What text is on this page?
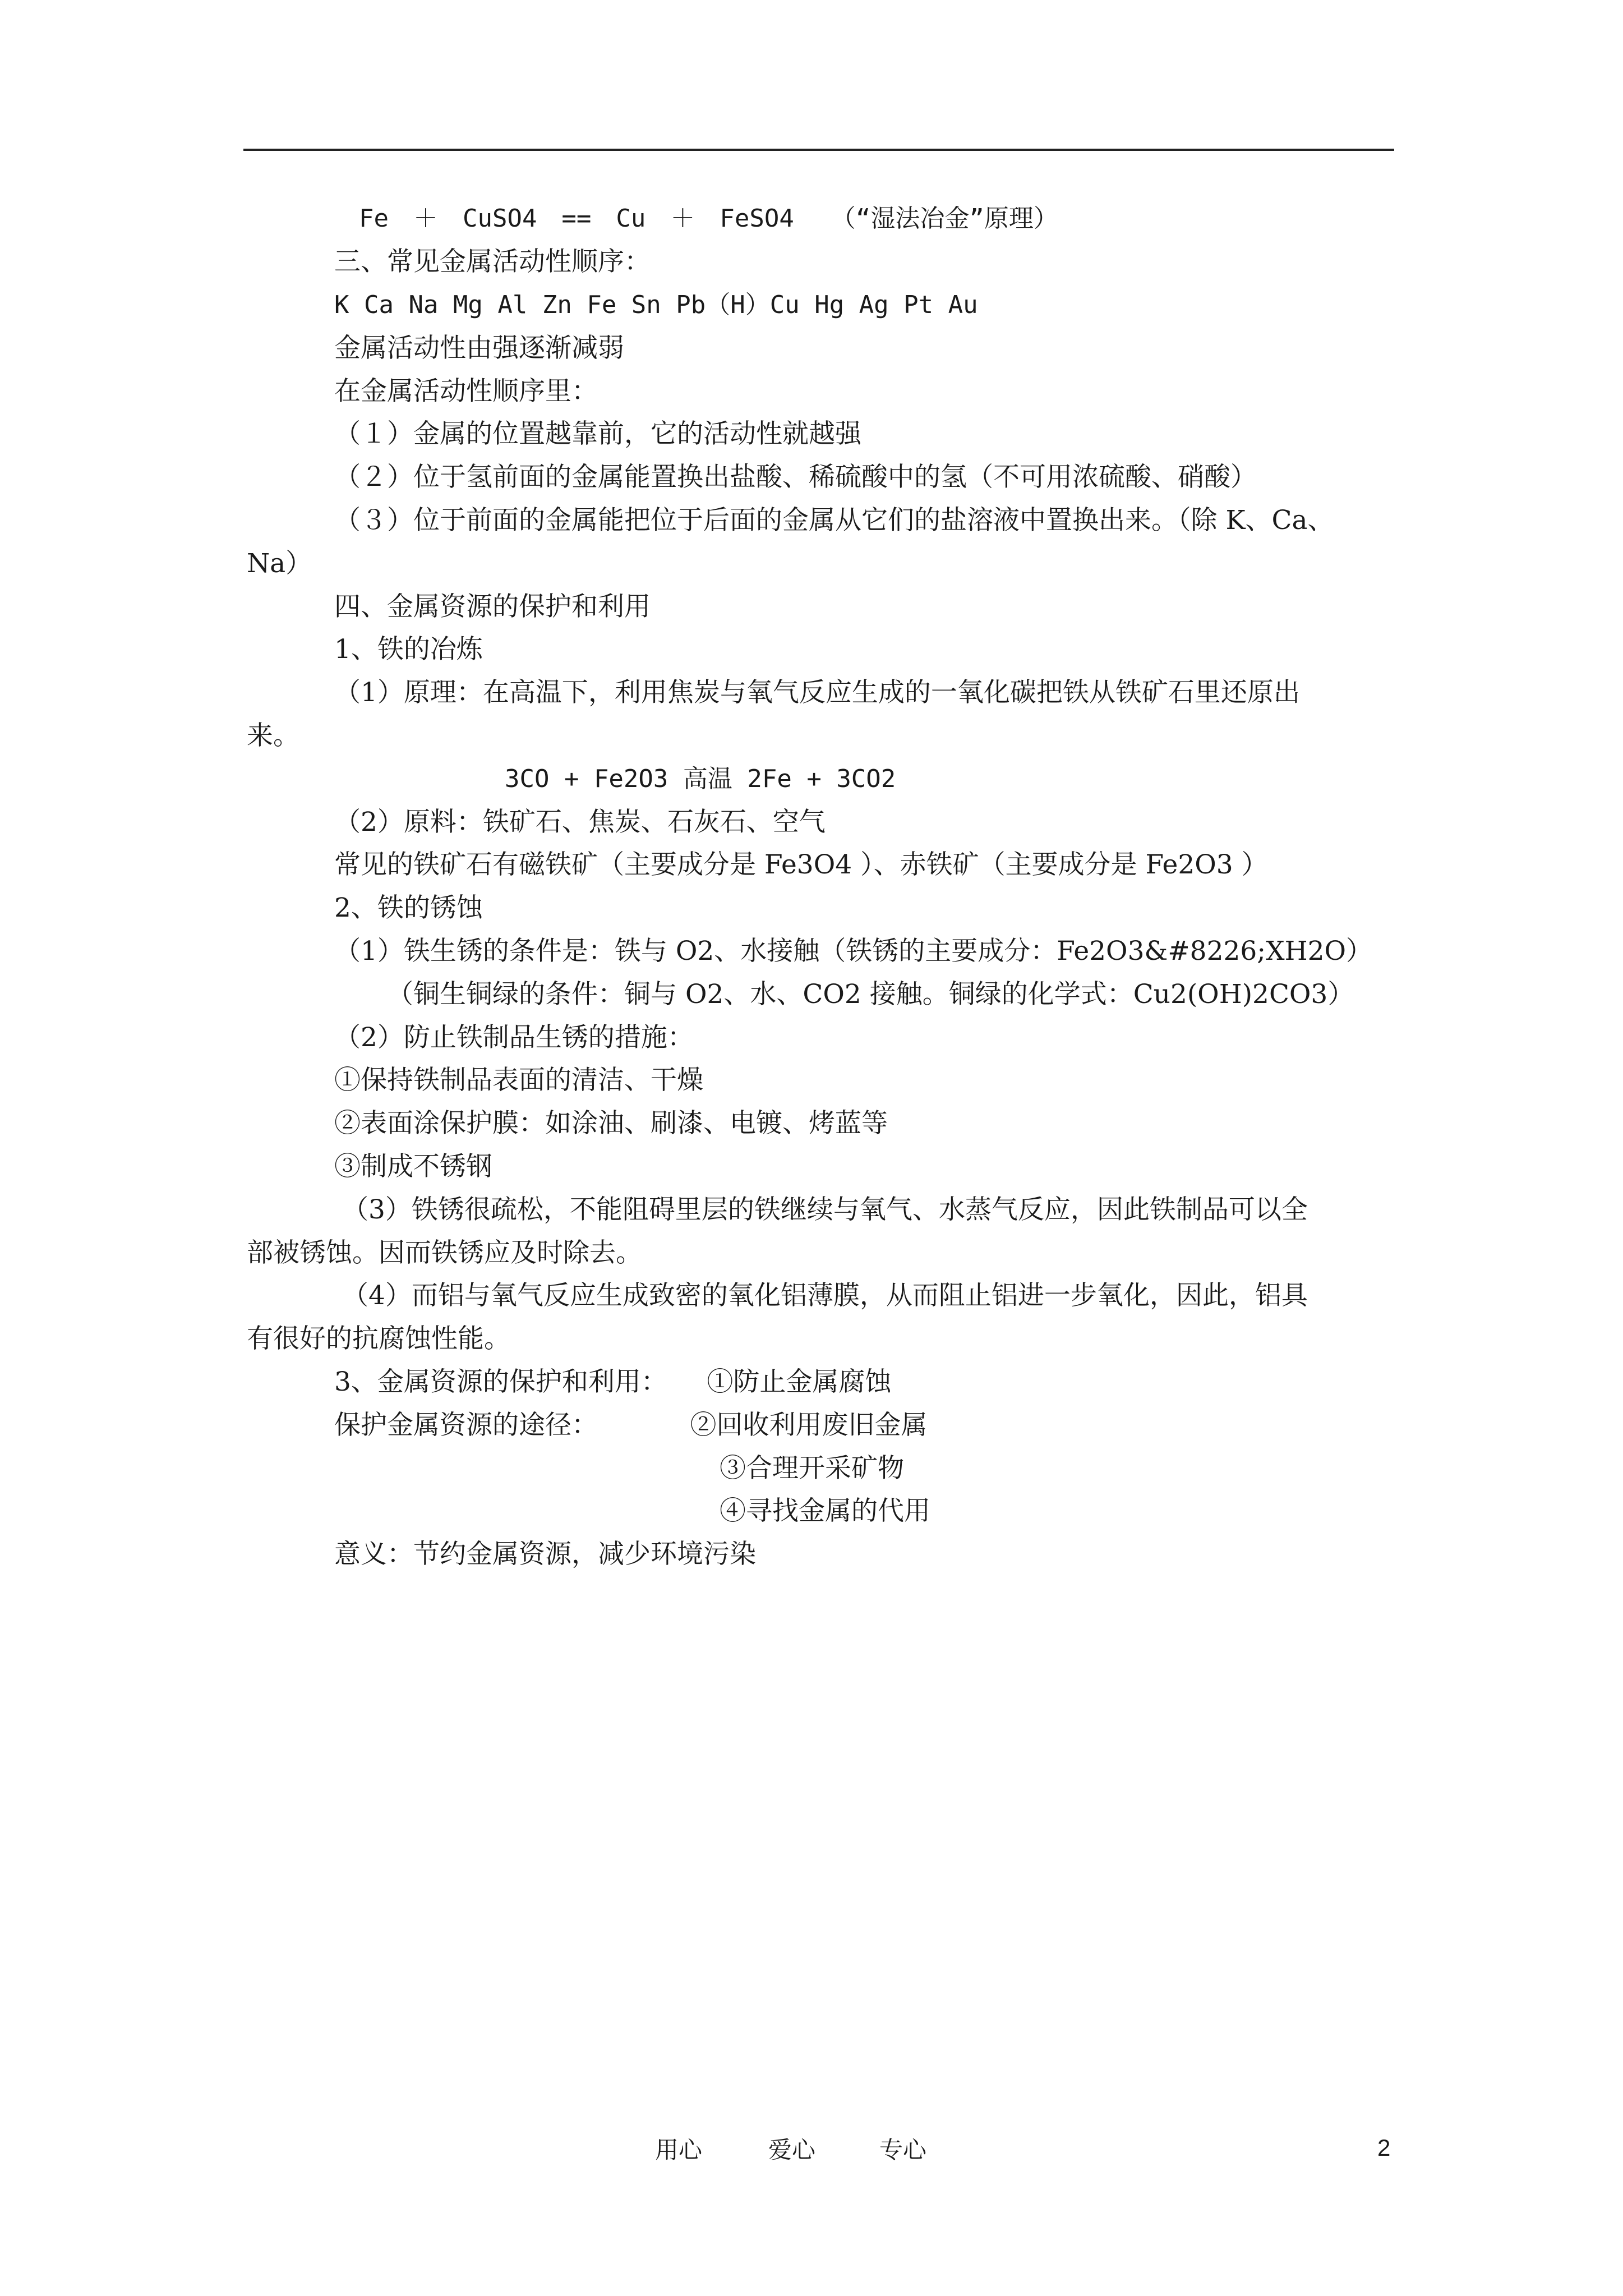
Fe　＋　CuSO4　==　Cu　＋　FeSO4　　（“湿法冶金”原理）
三、常见金属活动性顺序：
K Ca Na Mg Al Zn Fe Sn Pb（H）Cu Hg Ag Pt Au
金属活动性由强逐渐减弱
在金属活动性顺序里：
（１）金属的位置越靠前，它的活动性就越强
（２）位于氢前面的金属能置换出盐酸、稀硫酸中的氢（不可用浓硫酸、硝酸）
（３）位于前面的金属能把位于后面的金属从它们的盐溶液中置换出来。（除 K、Ca、
Na）
四、金属资源的保护和利用
1、铁的冶炼
（1）原理：在高温下，利用焦炭与氧气反应生成的一氧化碳把铁从铁矿石里还原出
来。
3CO + Fe2O3 高温 2Fe + 3CO2
（2）原料：铁矿石、焦炭、石灰石、空气
常见的铁矿石有磁铁矿（主要成分是 Fe3O4 ）、赤铁矿（主要成分是 Fe2O3 ）
2、铁的锈蚀
（1）铁生锈的条件是：铁与 O2、水接触（铁锈的主要成分：Fe2O3&#8226;XH2O）
（铜生铜绿的条件：铜与 O2、水、CO2 接触。铜绿的化学式：Cu2(OH)2CO3）
（2）防止铁制品生锈的措施：
①保持铁制品表面的清洁、干燥
②表面涂保护膜：如涂油、刷漆、电镀、烤蓝等
③制成不锈钢
（3）铁锈很疏松，不能阻碍里层的铁继续与氧气、水蒸气反应，因此铁制品可以全
部被锈蚀。因而铁锈应及时除去。
（4）而铝与氧气反应生成致密的氧化铝薄膜，从而阻止铝进一步氧化，因此，铝具
有很好的抗腐蚀性能。
3、金属资源的保护和利用：　　①防止金属腐蚀
保护金属资源的途径：　　　　②回收利用废旧金属
③合理开采矿物
④寻找金属的代用
意义：节约金属资源，减少环境污染
用心	爱心	专心	2
